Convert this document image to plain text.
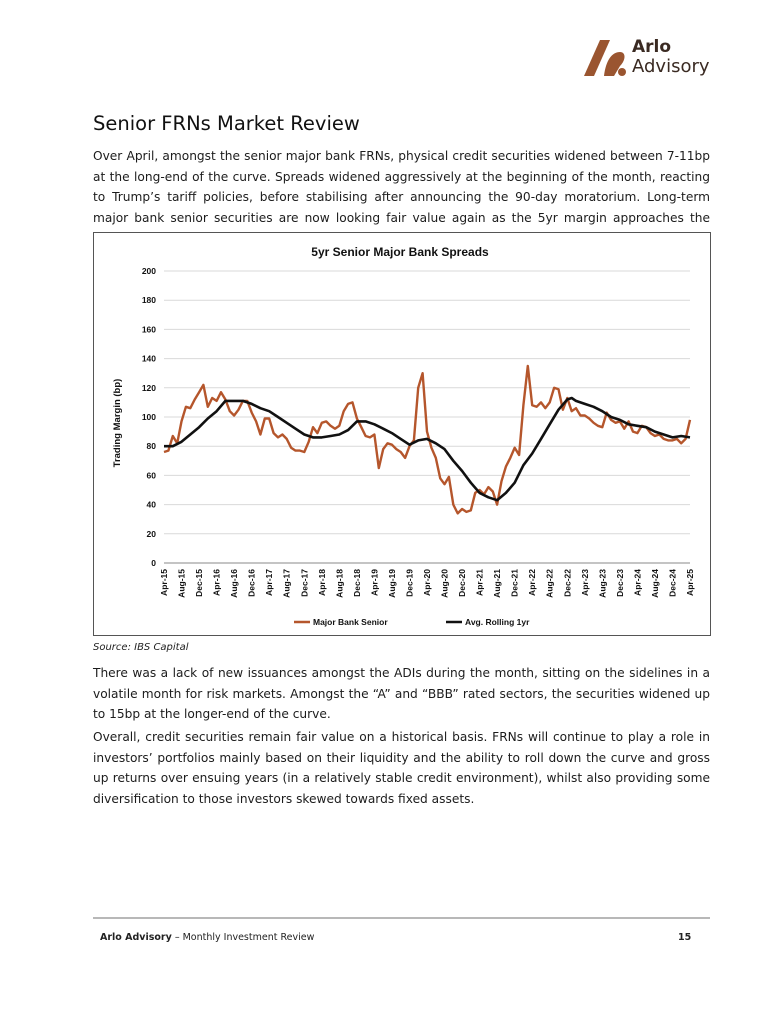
Arlo
Advisory
Senior FRNs Market Review

Over April, amongst the senior major bank FRNs, physical credit securities widened between 7-11bp at the long-end of the curve. Spreads widened aggressively at the beginning of the month, reacting to Trump’s tariff policies, before stabilising after announcing the 90-day moratorium. Long-term major bank senior securities are now looking fair value again as the 5yr margin approaches the

5yr Senior Major Bank Spreads
0
20
40
60
80
100
120
140
160
180
200
Apr-15 Aug-15 Dec-15 Apr-16 Aug-16 Dec-16 Apr-17 Aug-17 Dec-17 Apr-18 Aug-18 Dec-18 Apr-19 Aug-19 Dec-19 Apr-20 Aug-20 Dec-20 Apr-21 Aug-21 Dec-21 Apr-22 Aug-22 Dec-22 Apr-23 Aug-23 Dec-23 Apr-24 Aug-24 Dec-24 Apr-25
Trading Margin (bp)
Major Bank Senior	Avg. Rolling 1yr
Source: IBS Capital

There was a lack of new issuances amongst the ADIs during the month, sitting on the sidelines in a volatile month for risk markets. Amongst the “A” and “BBB” rated sectors, the securities widened up to 15bp at the longer-end of the curve.

Overall, credit securities remain fair value on a historical basis. FRNs will continue to play a role in investors’ portfolios mainly based on their liquidity and the ability to roll down the curve and gross up returns over ensuing years (in a relatively stable credit environment), whilst also providing some diversification to those investors skewed towards fixed assets.

Arlo Advisory – Monthly Investment Review	15
